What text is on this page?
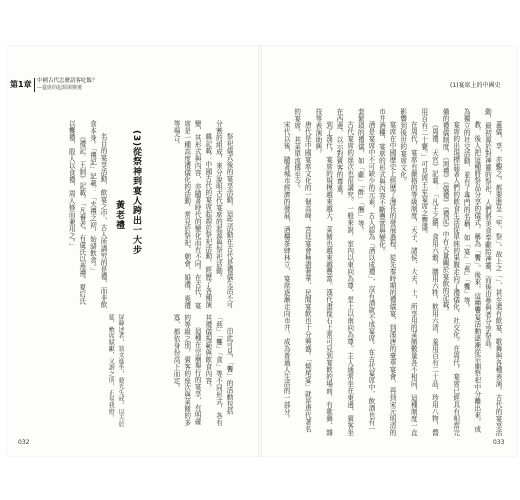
第1章 中國古代怎麼請客吃飯？
—筵席的起源與變遷	(1)宴席上的中國史

祭祀儀式後的宴享活動，這些活動在古代是禮儀生活不可分割的組成，來分說明古代宴席的起源與祭祀活動。

韓記載：中國古代的宴席起源於祭祀活動，經歷了各種演變，其形式與內容，亦隨著時代的變化而有不同。在古代，宴席是一種高度禮儀化的活動，常見於祭祀、朝會、婚禮、喪禮等場合。

(3)從祭神到宴人跨出一大步
黃老禮

名目的宴享活動，飲宴之中，古人所講究的是禮，而非飲食本身。「禮記」記載：「夫禮之初，始諸飲食。」

《禮記．王制》記載，「凡養老，有虞氏以燕禮，夏后氏以饗禮，殷人以食禮，周人修而兼用之。」

屏韓述者，敘文進坐，發光失戒。以夫於筵，敷席賦獻，又謂之所，正易我燈。	由此可見，「饗」的活動包括「燕」「饗」「食」等不同形式，各有其禮儀規範與飲食內容。

這種在宗廟舉行的宴享，有明確的等級之別，賓客的座次與菜餚的多寡，都依身份高下而定。	蓋儀，享，亦覲之。都要進呈「牢，祭」。故上之「」，甚至還有飲宴、歌舞與各種表演。古代的宴享活動，最初源於對神靈的祭祀，人們將美食奉獻給神靈，而後由參與者分享祭品。

教，後人把這種將祭品分享的儀式，稱為「饗」。後來，這種饗宴活動逐漸從宗廟祭祀中分離出來，成為獨立的社交活動，並有了專門的名稱，如「宴」「燕」「饗」等。

宴席的出現標誌著人們的飲食生活從單純的果腹走向了禮儀化、社交化。在周代，宴席已經具有相當完備的禮儀制度，《周禮》《儀禮》《禮記》中有大量關於宴飲的記載。

《周禮．天官》記載：「凡王之饋，食用六穀，膳用六牲，飲用六清，羞用百有二十品，珍用八物，醬用百有二十甕。」可見周王室宴席之豐盛。

在周代，宴席有嚴格的等級制度，天子、諸侯、大夫、士，所享用的菜餚數量各不相同，這種制度一直影響到後世的宴席文化。

宴席在中國歷史上經歷了漫長的發展過程，從先秦時期的禮儀宴，到漢唐的豪華宴會，再到宋元明清的市井酒樓，宴席的形式與內容不斷豐富與變化。

酒是宴席中不可缺少的元素。古人認為「酒以成禮」，沒有酒就不成宴席。在古代宴席中，飲酒也有一套繁瑣的禮儀，如「獻」「酢」「酬」等。

古代宴席的座次也很講究。一般來說，室內以東向為尊，堂上以南向為尊。主人通常坐在東邊，賓客坐在西邊，以示對賓客的尊重。

到了漢代，宴席的規模越來越大，菜餚也越來越豐富。漢代畫像石上常可見到宴飲的場面，有歌舞、雜技等表演助興。

唐代是中國宴席文化的一個高峰，宮廷宴會極盡奢華，民間宴飲也十分興盛。「燒尾宴」就是唐代著名的宴席，其菜單流傳至今。

宋代以後，隨著城市經濟的發展，酒樓茶肆林立，宴席逐漸走向市井，成為普通人生活的一部分。

032	033
